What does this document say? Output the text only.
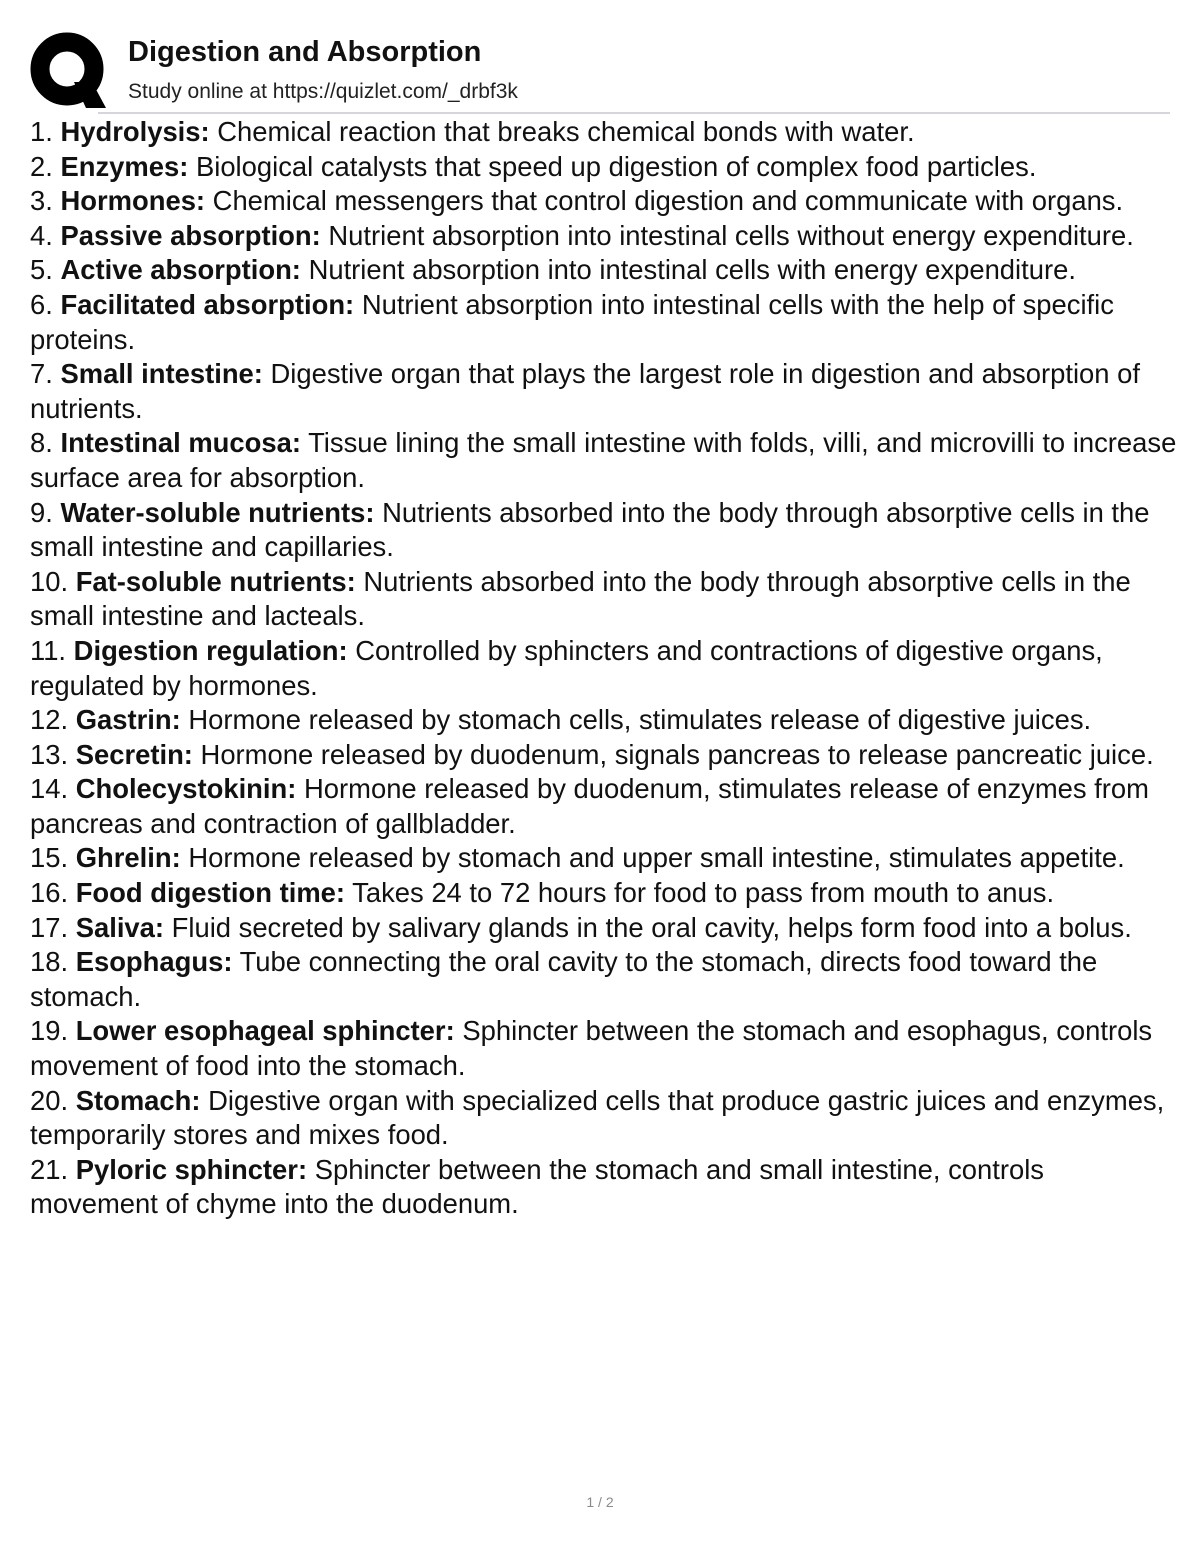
Digestion and Absorption
Study online at https://quizlet.com/_drbf3k

1. Hydrolysis: Chemical reaction that breaks chemical bonds with water.

2. Enzymes: Biological catalysts that speed up digestion of complex food particles.

3. Hormones: Chemical messengers that control digestion and communicate with organs.

4. Passive absorption: Nutrient absorption into intestinal cells without energy expenditure.

5. Active absorption: Nutrient absorption into intestinal cells with energy expenditure.

6. Facilitated absorption: Nutrient absorption into intestinal cells with the help of specific proteins.

7. Small intestine: Digestive organ that plays the largest role in digestion and absorption of nutrients.

8. Intestinal mucosa: Tissue lining the small intestine with folds, villi, and microvilli to increase surface area for absorption.

9. Water-soluble nutrients: Nutrients absorbed into the body through absorptive cells in the small intestine and capillaries.

10. Fat-soluble nutrients: Nutrients absorbed into the body through absorptive cells in the small intestine and lacteals.

11. Digestion regulation: Controlled by sphincters and contractions of digestive organs, regulated by hormones.

12. Gastrin: Hormone released by stomach cells, stimulates release of digestive juices.

13. Secretin: Hormone released by duodenum, signals pancreas to release pancreatic juice.

14. Cholecystokinin: Hormone released by duodenum, stimulates release of enzymes from pancreas and contraction of gallbladder.

15. Ghrelin: Hormone released by stomach and upper small intestine, stimulates appetite.

16. Food digestion time: Takes 24 to 72 hours for food to pass from mouth to anus.

17. Saliva: Fluid secreted by salivary glands in the oral cavity, helps form food into a bolus.

18. Esophagus: Tube connecting the oral cavity to the stomach, directs food toward the stomach.

19. Lower esophageal sphincter: Sphincter between the stomach and esophagus, controls movement of food into the stomach.

20. Stomach: Digestive organ with specialized cells that produce gastric juices and enzymes, temporarily stores and mixes food.

21. Pyloric sphincter: Sphincter between the stomach and small intestine, controls movement of chyme into the duodenum.

1 / 2
